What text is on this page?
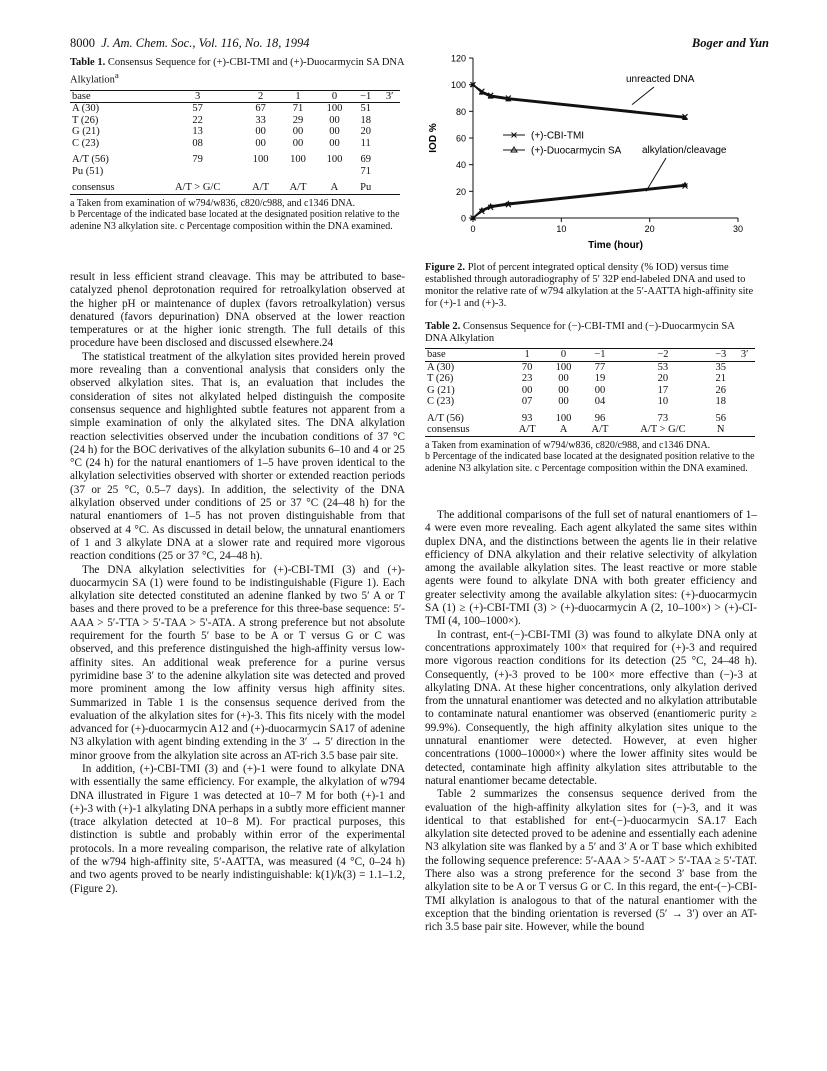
8000 J. Am. Chem. Soc., Vol. 116, No. 18, 1994	Boger and Yun
Table 1. Consensus Sequence for (+)-CBI-TMI and (+)-Duocarmycin SA DNA Alkylation$^a$
base	3	2	1	0	−1	3′
A (30)	57	67	71	100	51	
T (26)	22	33	29	00	18	
G (21)	13	00	00	00	20	
C (23)	08	00	00	00	11	
A/T (56)	79	100	100	100	69	
Pu (51)					71	
consensus	A/T > G/C	A/T	A/T	A	Pu	
a Taken from examination of w794/w836, c820/c988, and c1346 DNA.
b Percentage of the indicated base located at the designated position relative to the adenine N3 alkylation site. c Percentage composition within the DNA examined.
0
20
40
60
80
100
120
0	10	20	30
Time (hour)
IOD %	(+)-CBI-TMI
(+)-Duocarmycin SA
unreacted DNA
alkylation/cleavage
Figure 2. Plot of percent integrated optical density (% IOD) versus time established through autoradiography of 5′ 32P end-labeled DNA and used to monitor the relative rate of w794 alkylation at the 5′-AATTA high-affinity site for (+)-1 and (+)-3.
Table 2. Consensus Sequence for (−)-CBI-TMI and (−)-Duocarmycin SA DNA Alkylation
base	1	0	−1	−2	−3	3′
A (30)	70	100	77	53	35	
T (26)	23	00	19	20	21	
G (21)	00	00	00	17	26	
C (23)	07	00	04	10	18	
A/T (56)	93	100	96	73	56	
consensus	A/T	A	A/T	A/T > G/C	N	
a Taken from examination of w794/w836, c820/c988, and c1346 DNA.
b Percentage of the indicated base located at the designated position relative to the adenine N3 alkylation site. c Percentage composition within the DNA examined.

result in less efficient strand cleavage. This may be attributed to base-catalyzed phenol deprotonation required for retroalkylation observed at the higher pH or maintenance of duplex (favors retroalkylation) versus denatured (favors depurination) DNA observed at the lower reaction temperatures or at the higher ionic strength. The full details of this procedure have been disclosed and discussed elsewhere.24

The statistical treatment of the alkylation sites provided herein proved more revealing than a conventional analysis that considers only the observed alkylation sites. That is, an evaluation that includes the consideration of sites not alkylated helped distinguish the composite consensus sequence and highlighted subtle features not apparent from a simple examination of only the alkylated sites. The DNA alkylation reaction selectivities observed under the incubation conditions of 37 °C (24 h) for the BOC derivatives of the alkylation subunits 6–10 and 4 or 25 °C (24 h) for the natural enantiomers of 1–5 have proven identical to the alkylation selectivities observed with shorter or extended reaction periods (37 or 25 °C, 0.5–7 days). In addition, the selectivity of the DNA alkylation observed under conditions of 25 or 37 °C (24–48 h) for the natural enantiomers of 1–5 has not proven distinguishable from that observed at 4 °C. As discussed in detail below, the unnatural enantiomers of 1 and 3 alkylate DNA at a slower rate and required more vigorous reaction conditions (25 or 37 °C, 24–48 h).

The DNA alkylation selectivities for (+)-CBI-TMI (3) and (+)-duocarmycin SA (1) were found to be indistinguishable (Figure 1). Each alkylation site detected constituted an adenine flanked by two 5′ A or T bases and there proved to be a preference for this three-base sequence: 5′-AAA > 5′-TTA > 5′-TAA > 5′-ATA. A strong preference but not absolute requirement for the fourth 5′ base to be A or T versus G or C was observed, and this preference distinguished the high-affinity versus low-affinity sites. An additional weak preference for a purine versus pyrimidine base 3′ to the adenine alkylation site was detected and proved more prominent among the low affinity versus high affinity sites. Summarized in Table 1 is the consensus sequence derived from the evaluation of the alkylation sites for (+)-3. This fits nicely with the model advanced for (+)-duocarmycin A12 and (+)-duocarmycin SA17 of adenine N3 alkylation with agent binding extending in the 3′ → 5′ direction in the minor groove from the alkylation site across an AT-rich 3.5 base pair site.

In addition, (+)-CBI-TMI (3) and (+)-1 were found to alkylate DNA with essentially the same efficiency. For example, the alkylation of w794 DNA illustrated in Figure 1 was detected at 10−7 M for both (+)-1 and (+)-3 with (+)-1 alkylating DNA perhaps in a subtly more efficient manner (trace alkylation detected at 10−8 M). For practical purposes, this distinction is subtle and probably within error of the experimental protocols. In a more revealing comparison, the relative rate of alkylation of the w794 high-affinity site, 5′-AATTA, was measured (4 °C, 0–24 h) and two agents proved to be nearly indistinguishable: k(1)/k(3) = 1.1–1.2, (Figure 2).

The additional comparisons of the full set of natural enantiomers of 1–4 were even more revealing. Each agent alkylated the same sites within duplex DNA, and the distinctions between the agents lie in their relative efficiency of DNA alkylation and their relative selectivity of alkylation among the available alkylation sites. The least reactive or more stable agents were found to alkylate DNA with both greater efficiency and greater selectivity among the available alkylation sites: (+)-duocarmycin SA (1) ≥ (+)-CBI-TMI (3) > (+)-duocarmycin A (2, 10–100×) > (+)-CI-TMI (4, 100–1000×).

In contrast, ent-(−)-CBI-TMI (3) was found to alkylate DNA only at concentrations approximately 100× that required for (+)-3 and required more vigorous reaction conditions for its detection (25 °C, 24–48 h). Consequently, (+)-3 proved to be 100× more effective than (−)-3 at alkylating DNA. At these higher concentrations, only alkylation derived from the unnatural enantiomer was detected and no alkylation attributable to contaminate natural enantiomer was observed (enantiomeric purity ≥ 99.9%). Consequently, the high affinity alkylation sites unique to the unnatural enantiomer were detected. However, at even higher concentrations (1000–10000×) where the lower affinity sites would be detected, contaminate high affinity alkylation sites attributable to the natural enantiomer became detectable.

Table 2 summarizes the consensus sequence derived from the evaluation of the high-affinity alkylation sites for (−)-3, and it was identical to that established for ent-(−)-duocarmycin SA.17 Each alkylation site detected proved to be adenine and essentially each adenine N3 alkylation site was flanked by a 5′ and 3′ A or T base which exhibited the following sequence preference: 5′-AAA > 5′-AAT > 5′-TAA ≥ 5′-TAT. There also was a strong preference for the second 3′ base from the alkylation site to be A or T versus G or C. In this regard, the ent-(−)-CBI-TMI alkylation is analogous to that of the natural enantiomer with the exception that the binding orientation is reversed (5′ → 3′) over an AT-rich 3.5 base pair site. However, while the bound
